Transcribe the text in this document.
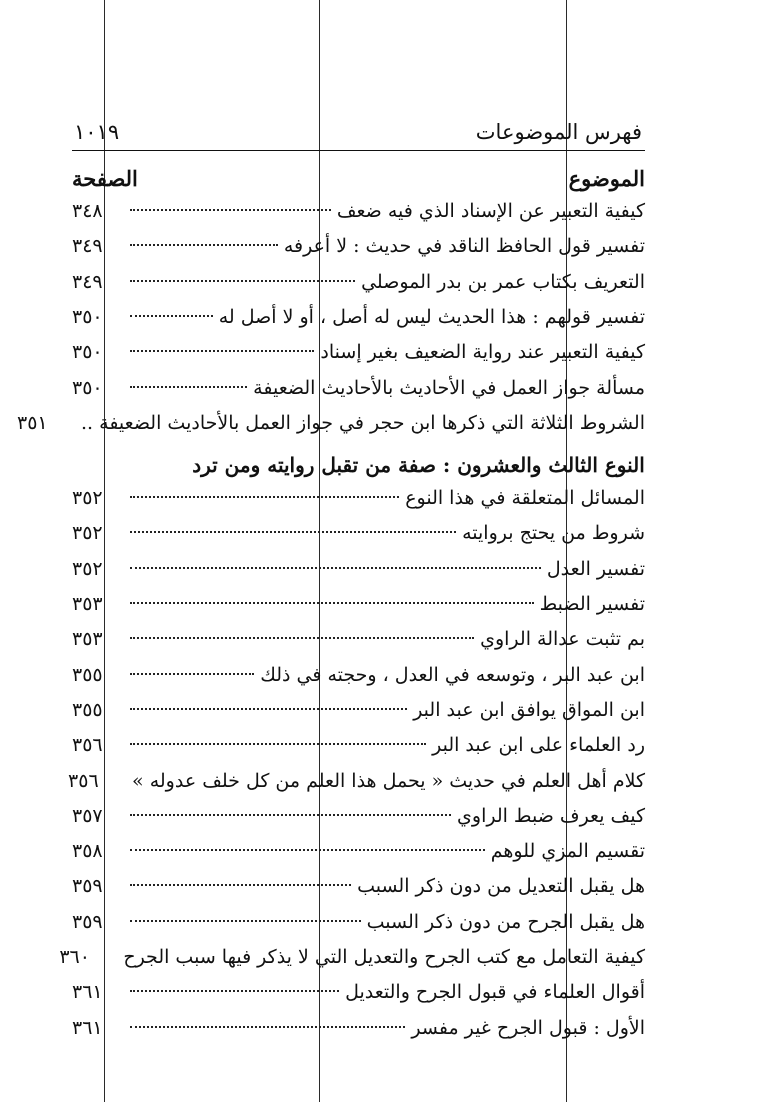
١٠١٩	فهرس الموضوعات
الصفحة	الموضوع
كيفية التعبير عن الإسناد الذي فيه ضعف
٣٤٨
تفسير قول الحافظ الناقد في حديث : لا أعرفه
٣٤٩
التعريف بكتاب عمر بن بدر الموصلي
٣٤٩
تفسير قولهم : هذا الحديث ليس له أصل ، أو لا أصل له
٣٥٠
كيفية التعبير عند رواية الضعيف بغير إسناد
٣٥٠
مسألة جواز العمل في الأحاديث بالأحاديث الضعيفة
٣٥٠
الشروط الثلاثة التي ذكرها ابن حجر في جواز العمل بالأحاديث الضعيفة ..
٣٥١
النوع الثالث والعشرون : صفة من تقبل روايته ومن ترد
المسائل المتعلقة في هذا النوع
٣٥٢
شروط من يحتج بروايته
٣٥٢
تفسير العدل
٣٥٢
تفسير الضبط
٣٥٣
بم تثبت عدالة الراوي
٣٥٣
ابن عبد البر ، وتوسعه في العدل ، وحجته في ذلك
٣٥٥
ابن المواق يوافق ابن عبد البر
٣٥٥
رد العلماء على ابن عبد البر
٣٥٦
كلام أهل العلم في حديث « يحمل هذا العلم من كل خلف عدوله »
٣٥٦
كيف يعرف ضبط الراوي
٣٥٧
تقسيم المزي للوهم
٣٥٨
هل يقبل التعديل من دون ذكر السبب
٣٥٩
هل يقبل الجرح من دون ذكر السبب
٣٥٩
كيفية التعامل مع كتب الجرح والتعديل التي لا يذكر فيها سبب الجرح
٣٦٠
أقوال العلماء في قبول الجرح والتعديل
٣٦١
الأول : قبول الجرح غير مفسر
٣٦١
